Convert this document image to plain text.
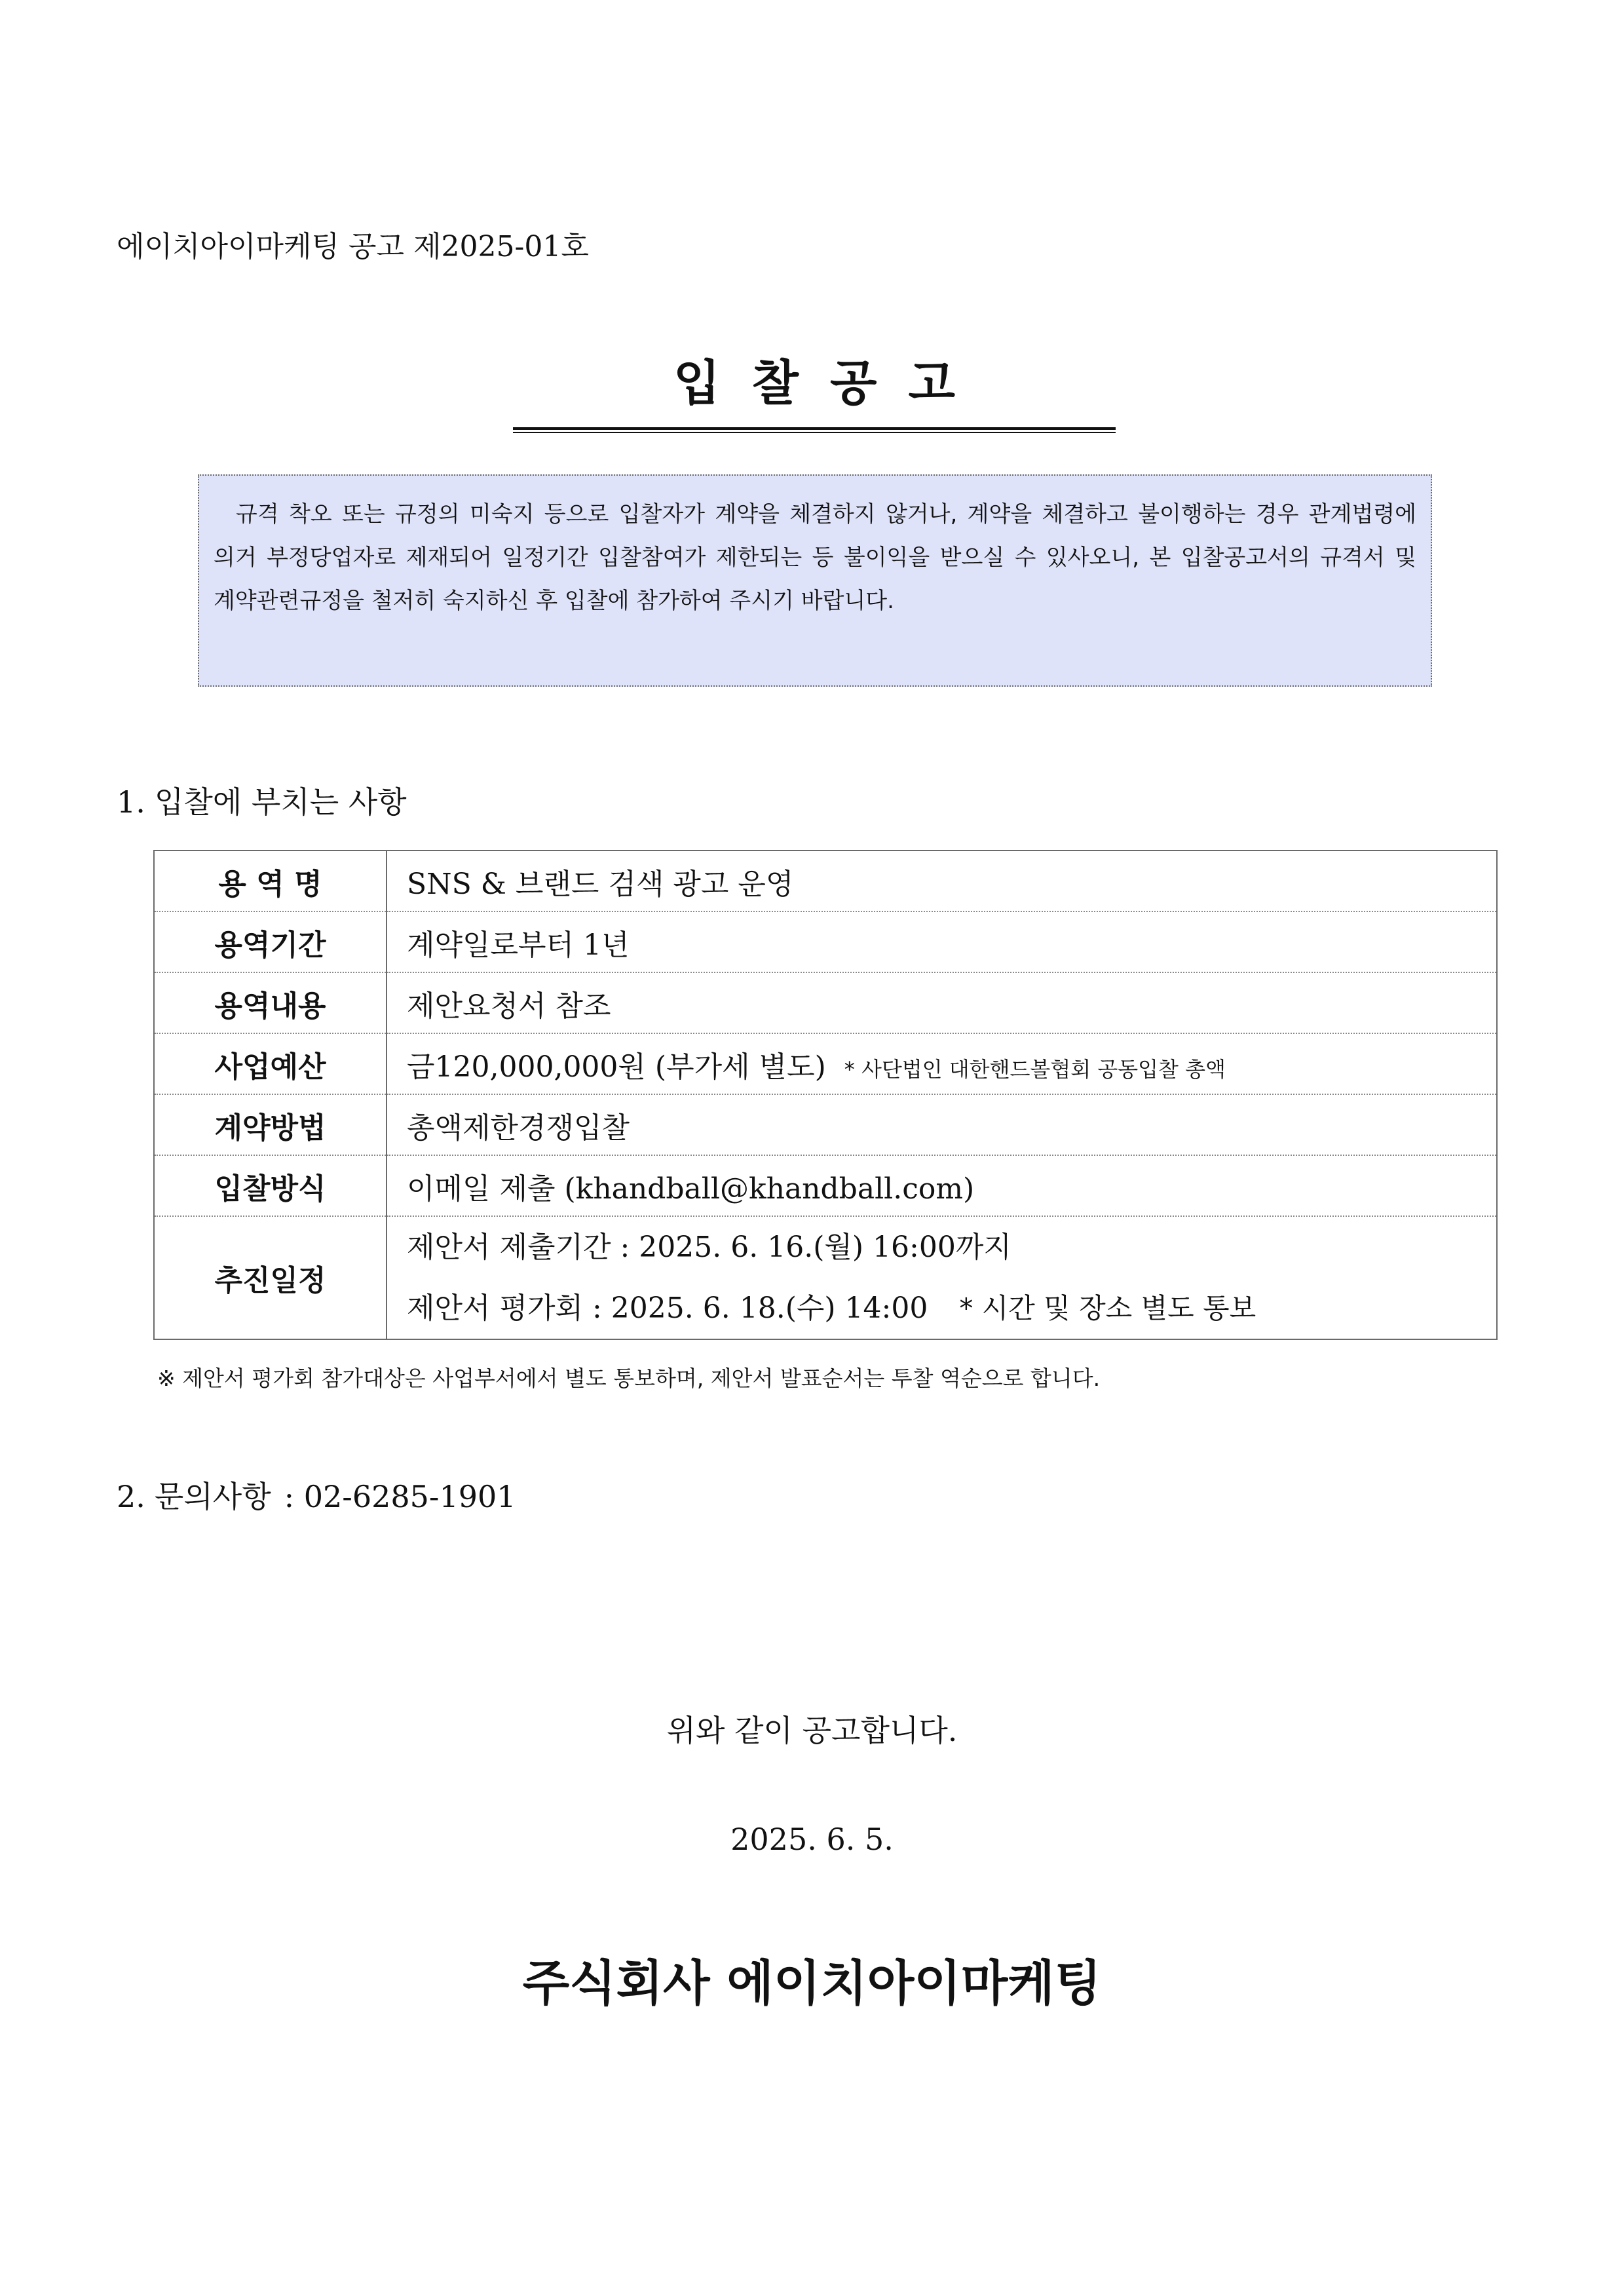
에이치아이마케팅 공고 제2025-01호
입찰공고
규격 착오 또는 규정의 미숙지 등으로 입찰자가 계약을 체결하지 않거나, 계약을 체결하고 불이행하는 경우 관계법령에 의거 부정당업자로 제재되어 일정기간 입찰참여가 제한되는 등 불이익을 받으실 수 있사오니, 본 입찰공고서의 규격서 및 계약관련규정을 철저히 숙지하신 후 입찰에 참가하여 주시기 바랍니다.
1. 입찰에 부치는 사항
용 역 명	SNS & 브랜드 검색 광고 운영
용역기간	계약일로부터 1년
용역내용	제안요청서 참조
사업예산	금120,000,000원 (부가세 별도) * 사단법인 대한핸드볼협회 공동입찰 총액
계약방법	총액제한경쟁입찰
입찰방식	이메일 제출 (khandball@khandball.com)
추진일정	제안서 제출기간 : 2025. 6. 16.(월) 16:00까지
제안서 평가회 : 2025. 6. 18.(수) 14:00 * 시간 및 장소 별도 통보
※ 제안서 평가회 참가대상은 사업부서에서 별도 통보하며, 제안서 발표순서는 투찰 역순으로 합니다.
2. 문의사항 : 02-6285-1901
위와 같이 공고합니다.
2025. 6. 5.
주식회사 에이치아이마케팅
